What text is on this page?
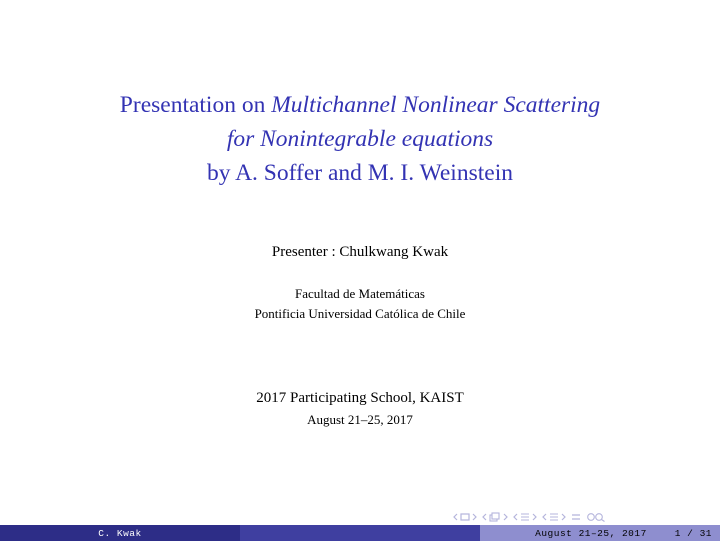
Presentation on Multichannel Nonlinear Scattering
for Nonintegrable equations
by A. Soffer and M. I. Weinstein
Presenter : Chulkwang Kwak
Facultad de Matemáticas
Pontificia Universidad Católica de Chile
2017 Participating School, KAIST
August 21–25, 2017
C. Kwak	August 21–25, 2017	1 / 31
